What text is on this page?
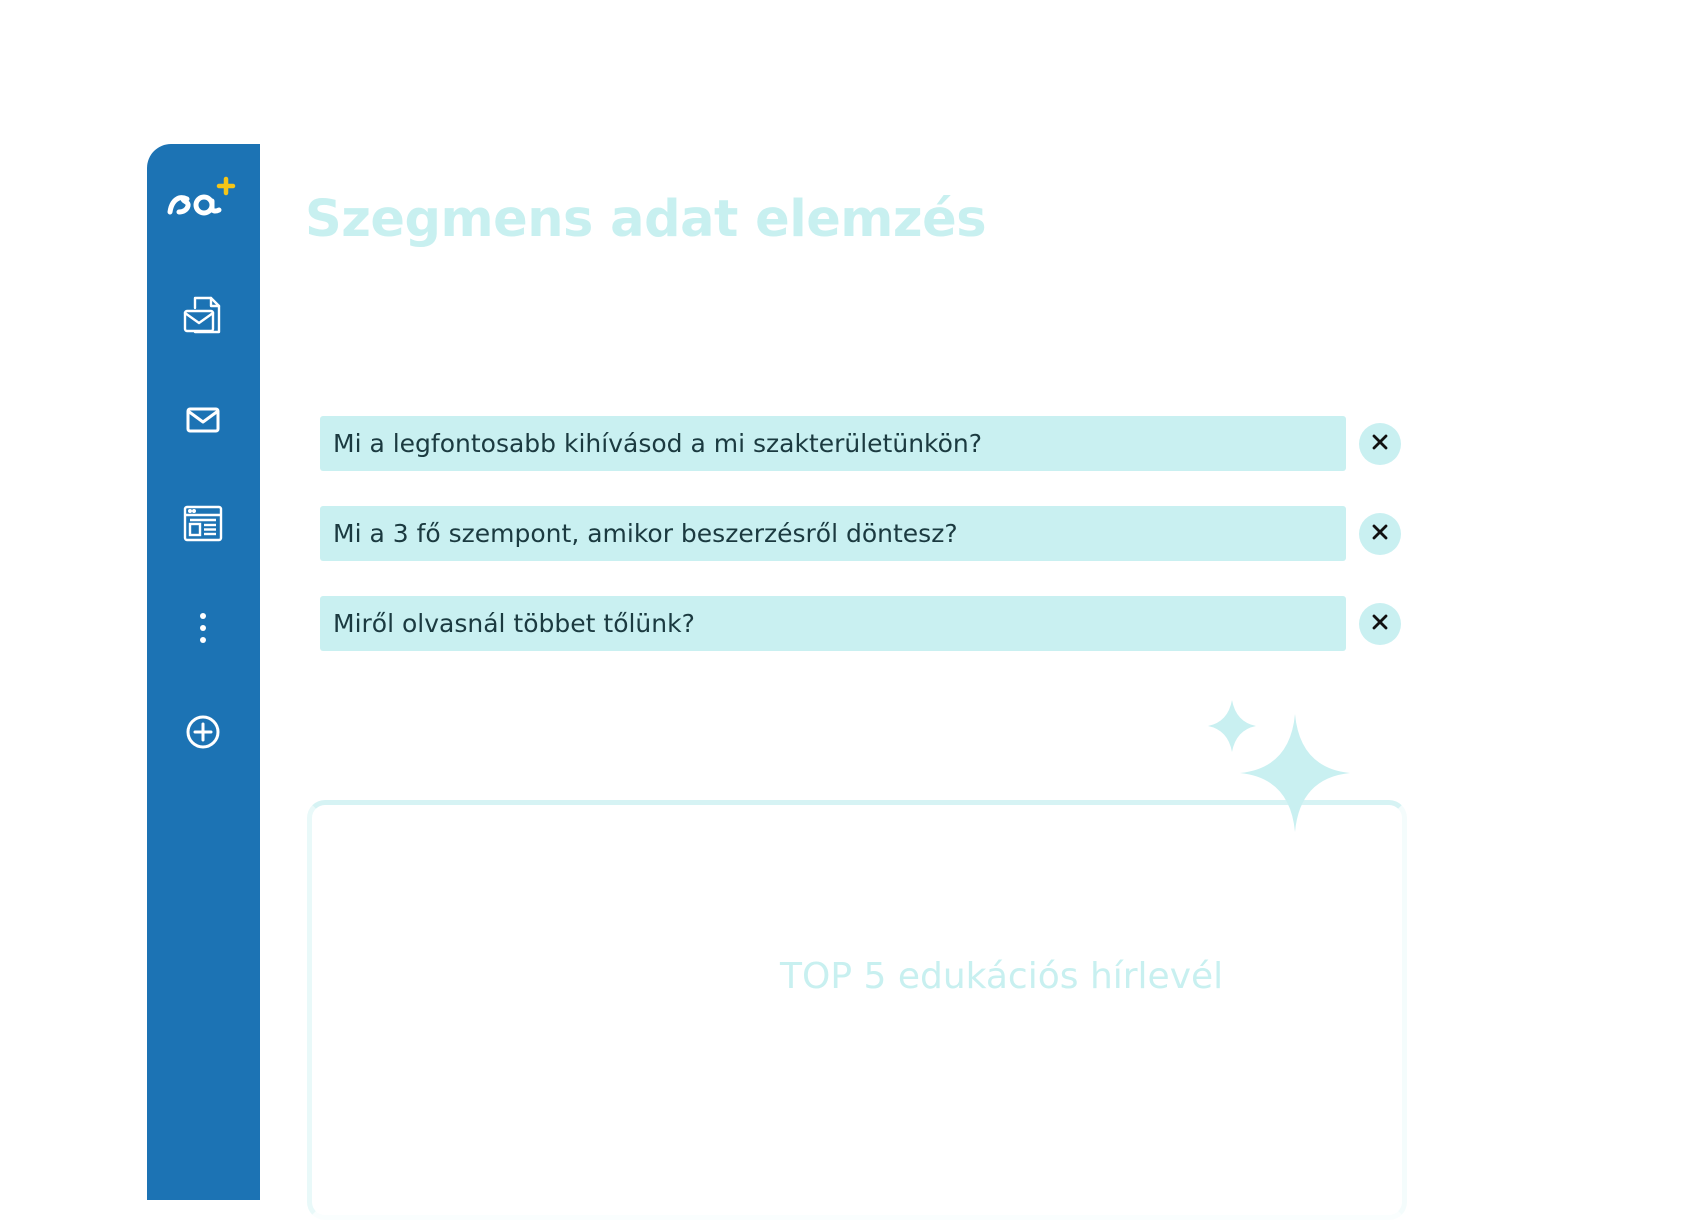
Szegmens adat elemzés
Mi a legfontosabb kihívásod a mi szakterületünkön?
Mi a 3 fő szempont, amikor beszerzésről döntesz?
Miről olvasnál többet tőlünk?
TOP 5 edukációs hírlevél
